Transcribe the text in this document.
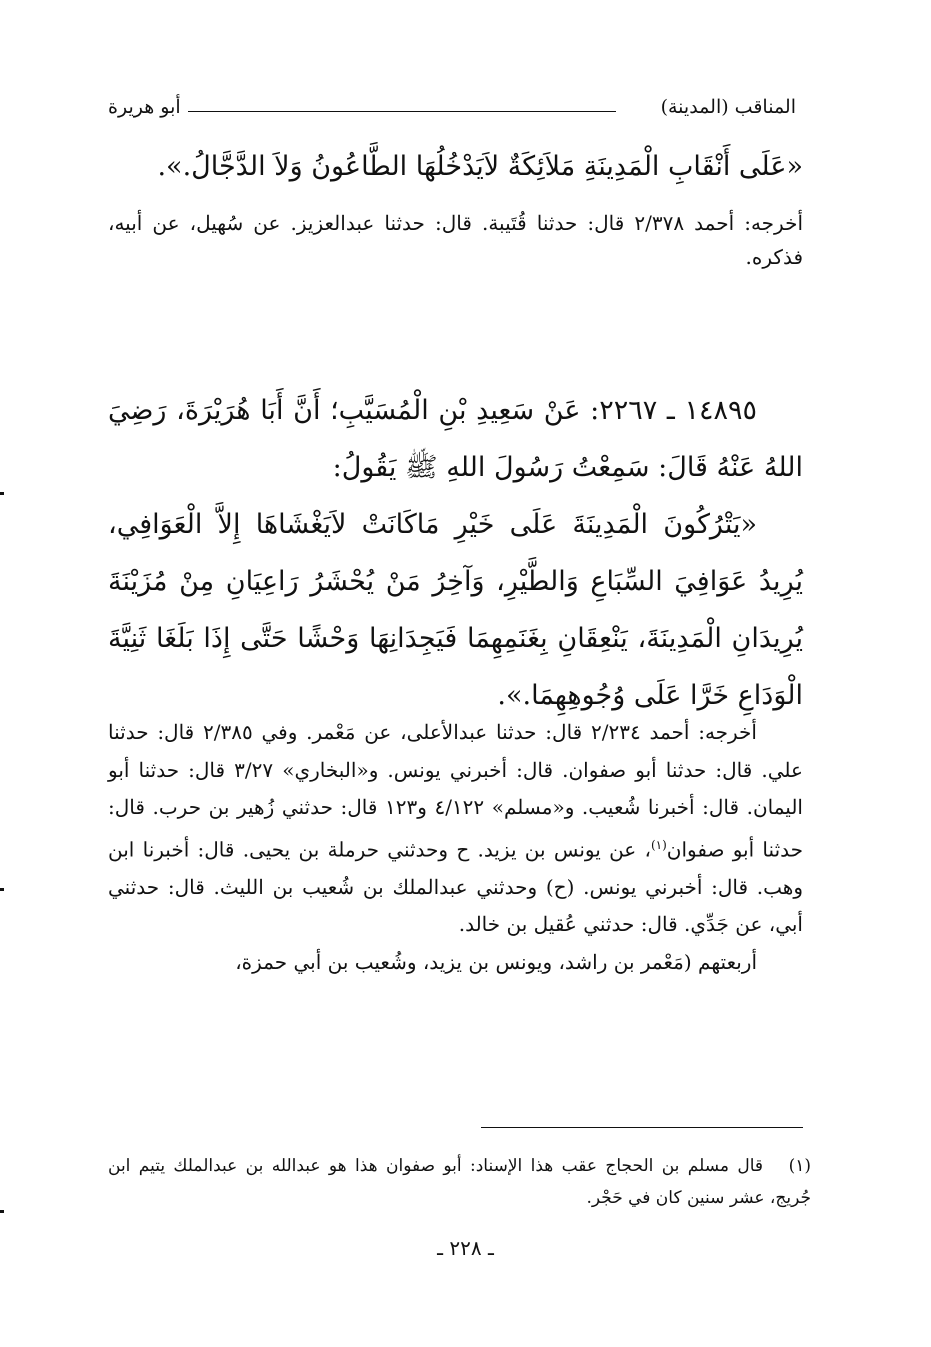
المناقب (المدينة)
أبو هريرة
«عَلَى أَنْقَابِ الْمَدِينَةِ مَلاَئِكَةٌ لاَيَدْخُلُهَا الطَّاعُونُ وَلاَ الدَّجَّالُ.».
أخرجه: أحمد ٢/٣٧٨ قال: حدثنا قُتَيبة. قال: حدثنا عبدالعزيز. عن سُهيل، عن أبيه، فذكره.
١٤٨٩٥ ـ ٢٢٦٧: عَنْ سَعِيدِ بْنِ الْمُسَيَّبِ؛ أَنَّ أَبَا هُرَيْرَةَ، رَضِيَ اللهُ عَنْهُ قَالَ: سَمِعْتُ رَسُولَ اللهِ ﷺ يَقُولُ:
«يَتْرُكُونَ الْمَدِينَةَ عَلَى خَيْرِ مَاكَانَتْ لاَيَغْشَاهَا إِلاَّ الْعَوَافِي، يُرِيدُ عَوَافِيَ السِّبَاعِ وَالطَّيْرِ، وَآخِرُ مَنْ يُحْشَرُ رَاعِيَانِ مِنْ مُزَيْنَةَ يُرِيدَانِ الْمَدِينَةَ، يَنْعِقَانِ بِغَنَمِهِمَا فَيَجِدَانِهَا وَحْشًا حَتَّى إِذَا بَلَغَا ثَنِيَّةَ الْوَدَاعِ خَرَّا عَلَى وُجُوهِهِمَا.».
أخرجه: أحمد ٢/٢٣٤ قال: حدثنا عبدالأعلى، عن مَعْمر. وفي ٢/٣٨٥ قال: حدثنا علي. قال: حدثنا أبو صفوان. قال: أخبرني يونس. و«البخاري» ٣/٢٧ قال: حدثنا أبو اليمان. قال: أخبرنا شُعيب. و«مسلم» ٤/١٢٢ و١٢٣ قال: حدثني زُهير بن حرب. قال: حدثنا أبو صفوان$^{(١)}$، عن يونس بن يزيد. ح وحدثني حرملة بن يحيى. قال: أخبرنا ابن وهب. قال: أخبرني يونس. (ح) وحدثني عبدالملك بن شُعيب بن الليث. قال: حدثني أبي، عن جَدِّي. قال: حدثني عُقيل بن خالد.
أربعتهم (مَعْمر بن راشد، ويونس بن يزيد، وشُعيب بن أبي حمزة،
(١)قال مسلم بن الحجاج عقب هذا الإسناد: أبو صفوان هذا هو عبدالله بن عبدالملك يتيم ابن جُريج، عشر سنين كان في حَجْر.
ـ ٢٢٨ ـ
